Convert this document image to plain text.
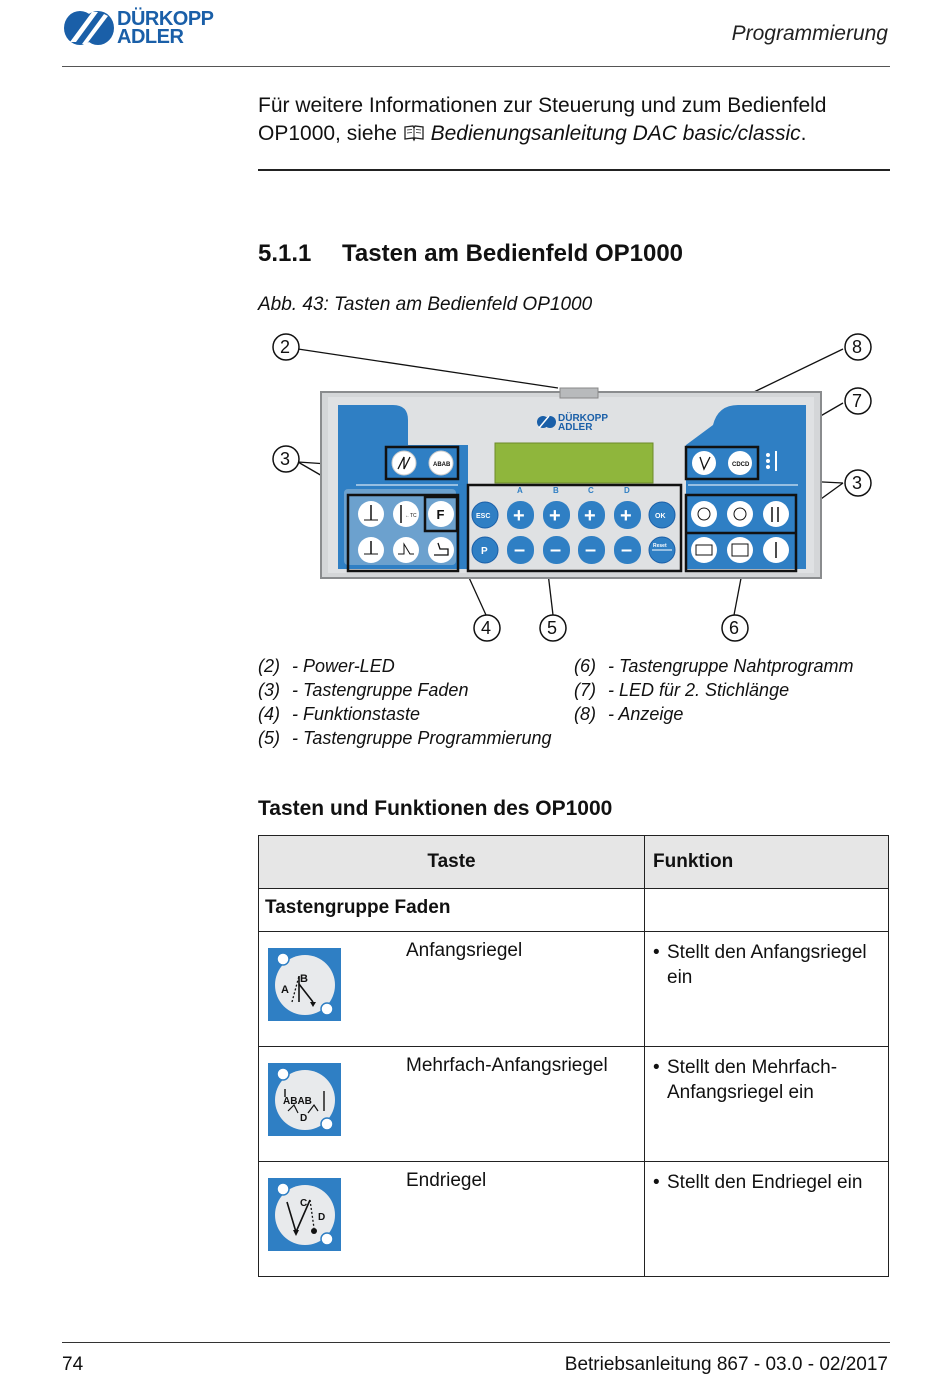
DÜRKOPP
ADLER	Programmierung
Für weitere Informationen zur Steuerung und zum Bedienfeld OP1000, siehe Bedienungsanleitung DAC basic/classic.
5.1.1 Tasten am Bedienfeld OP1000
Abb. 43: Tasten am Bedienfeld OP1000
DÜRKOPP
ADLER
ABAB
←TC F
A	B	C	D
ESC	OK
P	Reset
+ + + +
– – – –
CDCD
2	8
7
3
3
4	5	6
(2) - Power-LED
(3) - Tastengruppe Faden
(4) - Funktionstaste
(5) - Tastengruppe Programmierung
(6) - Tastengruppe Nahtprogramm
(7) - LED für 2. Stichlänge
(8) - Anzeige
Tasten und Funktionen des OP1000
Taste	Funktion
Tastengruppe Faden	

A
B
Anfangsriegel	• Stellt den Anfangsriegel ein

ABAB
D
Mehrfach-Anfangsriegel	• Stellt den Mehrfach-Anfangsriegel ein

C
D
Endriegel	• Stellt den Endriegel ein
74	Betriebsanleitung 867 - 03.0 - 02/2017
